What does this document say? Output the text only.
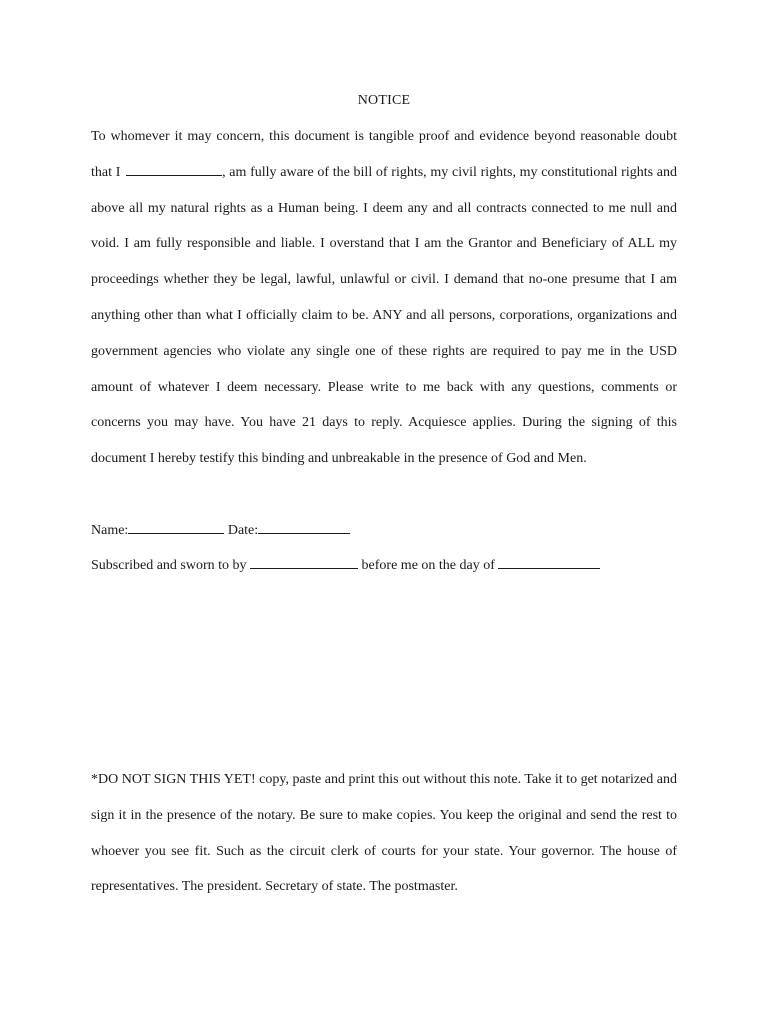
NOTICE

To whomever it may concern, this document is tangible proof and evidence beyond reasonable doubt that I	, am fully aware of the bill of rights, my civil rights, my constitutional rights and above all my natural rights as a Human being. I deem any and all contracts connected to me null and void. I am fully responsible and liable. I overstand that I am the Grantor and Beneficiary of ALL my proceedings whether they be legal, lawful, unlawful or civil. I demand that no-one presume that I am anything other than what I officially claim to be. ANY and all persons, corporations, organizations and government agencies who violate any single one of these rights are required to pay me in the USD amount of whatever I deem necessary. Please write to me back with any questions, comments or concerns you may have. You have 21 days to reply. Acquiesce applies. During the signing of this document I hereby testify this binding and unbreakable in the presence of God and Men.

Name:	Date:

Subscribed and sworn to by	before me on the day of

*DO NOT SIGN THIS YET! copy, paste and print this out without this note. Take it to get notarized and sign it in the presence of the notary. Be sure to make copies. You keep the original and send the rest to whoever you see fit. Such as the circuit clerk of courts for your state. Your governor. The house of representatives. The president. Secretary of state. The postmaster.
